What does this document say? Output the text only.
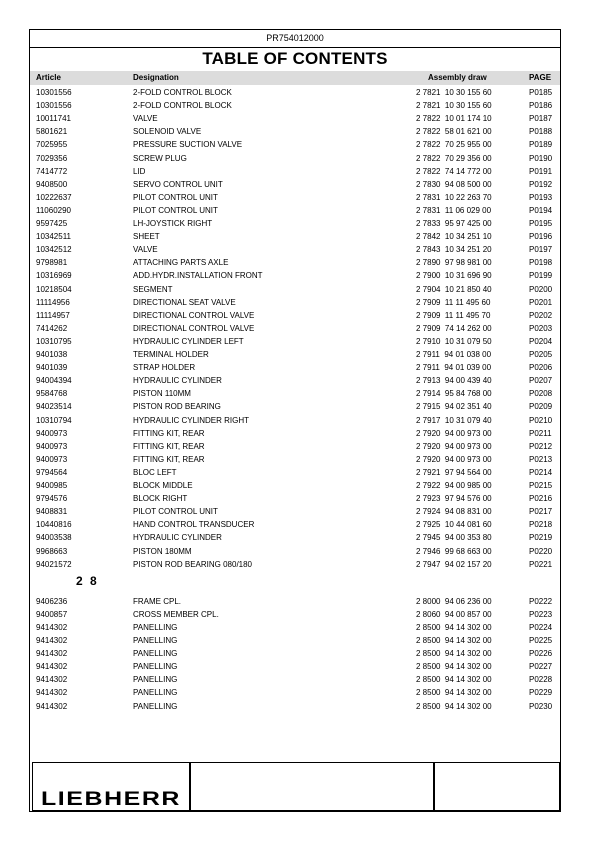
PR754012000
TABLE OF CONTENTS
Article	Designation	Assembly draw	PAGE
2 8
10301556	2-FOLD CONTROL BLOCK	2 7821  10 30 155 60	P0185
10301556	2-FOLD CONTROL BLOCK	2 7821  10 30 155 60	P0186
10011741	VALVE	2 7822  10 01 174 10	P0187
5801621	SOLENOID VALVE	2 7822  58 01 621 00	P0188
7025955	PRESSURE SUCTION VALVE	2 7822  70 25 955 00	P0189
7029356	SCREW PLUG	2 7822  70 29 356 00	P0190
7414772	LID	2 7822  74 14 772 00	P0191
9408500	SERVO CONTROL UNIT	2 7830  94 08 500 00	P0192
10222637	PILOT CONTROL UNIT	2 7831  10 22 263 70	P0193
11060290	PILOT CONTROL UNIT	2 7831  11 06 029 00	P0194
9597425	LH-JOYSTICK RIGHT	2 7833  95 97 425 00	P0195
10342511	SHEET	2 7842  10 34 251 10	P0196
10342512	VALVE	2 7843  10 34 251 20	P0197
9798981	ATTACHING PARTS AXLE	2 7890  97 98 981 00	P0198
10316969	ADD.HYDR.INSTALLATION FRONT	2 7900  10 31 696 90	P0199
10218504	SEGMENT	2 7904  10 21 850 40	P0200
11114956	DIRECTIONAL SEAT VALVE	2 7909  11 11 495 60	P0201
11114957	DIRECTIONAL CONTROL VALVE	2 7909  11 11 495 70	P0202
7414262	DIRECTIONAL CONTROL VALVE	2 7909  74 14 262 00	P0203
10310795	HYDRAULIC CYLINDER LEFT	2 7910  10 31 079 50	P0204
9401038	TERMINAL HOLDER	2 7911  94 01 038 00	P0205
9401039	STRAP HOLDER	2 7911  94 01 039 00	P0206
94004394	HYDRAULIC CYLINDER	2 7913  94 00 439 40	P0207
9584768	PISTON 110MM	2 7914  95 84 768 00	P0208
94023514	PISTON ROD BEARING	2 7915  94 02 351 40	P0209
10310794	HYDRAULIC CYLINDER RIGHT	2 7917  10 31 079 40	P0210
9400973	FITTING KIT, REAR	2 7920  94 00 973 00	P0211
9400973	FITTING KIT, REAR	2 7920  94 00 973 00	P0212
9400973	FITTING KIT, REAR	2 7920  94 00 973 00	P0213
9794564	BLOC LEFT	2 7921  97 94 564 00	P0214
9400985	BLOCK MIDDLE	2 7922  94 00 985 00	P0215
9794576	BLOCK RIGHT	2 7923  97 94 576 00	P0216
9408831	PILOT CONTROL UNIT	2 7924  94 08 831 00	P0217
10440816	HAND CONTROL TRANSDUCER	2 7925  10 44 081 60	P0218
94003538	HYDRAULIC CYLINDER	2 7945  94 00 353 80	P0219
9968663	PISTON 180MM	2 7946  99 68 663 00	P0220
94021572	PISTON ROD BEARING 080/180	2 7947  94 02 157 20	P0221
9406236	FRAME CPL.	2 8000  94 06 236 00	P0222
9400857	CROSS MEMBER CPL.	2 8060  94 00 857 00	P0223
9414302	PANELLING	2 8500  94 14 302 00	P0224
9414302	PANELLING	2 8500  94 14 302 00	P0225
9414302	PANELLING	2 8500  94 14 302 00	P0226
9414302	PANELLING	2 8500  94 14 302 00	P0227
9414302	PANELLING	2 8500  94 14 302 00	P0228
9414302	PANELLING	2 8500  94 14 302 00	P0229
9414302	PANELLING	2 8500  94 14 302 00	P0230
LIEBHERR
